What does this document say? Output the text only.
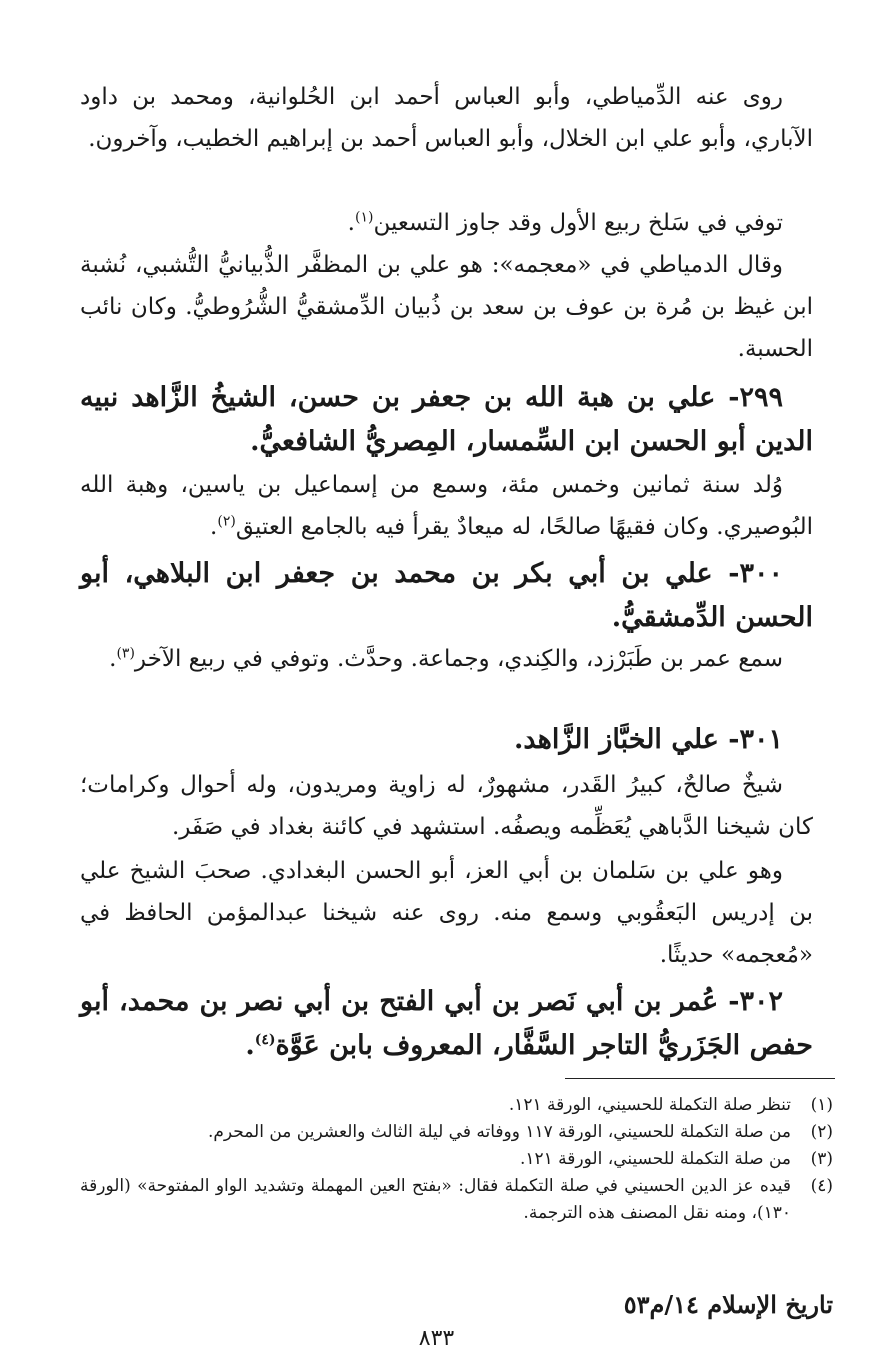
روى عنه الدِّمياطي، وأبو العباس أحمد ابن الحُلوانية، ومحمد بن داود الآباري، وأبو علي ابن الخلال، وأبو العباس أحمد بن إبراهيم الخطيب، وآخرون.

توفي في سَلخ ربيع الأول وقد جاوز التسعين$^{(١)}$.

وقال الدمياطي في «معجمه»: هو علي بن المظفَّر الذُّبيانيُّ التُّشبي، نُشبة ابن غيظ بن مُرة بن عوف بن سعد بن ذُبيان الدِّمشقيُّ الشُّرُوطيُّ. وكان نائب الحسبة.

٢٩٩- علي بن هبة الله بن جعفر بن حسن، الشيخُ الزَّاهد نبيه الدين أبو الحسن ابن السِّمسار، المِصريُّ الشافعيُّ.

وُلد سنة ثمانين وخمس مئة، وسمع من إسماعيل بن ياسين، وهبة الله البُوصيري. وكان فقيهًا صالحًا، له ميعادٌ يقرأ فيه بالجامع العتيق$^{(٢)}$.

٣٠٠- علي بن أبي بكر بن محمد بن جعفر ابن البلاهي، أبو الحسن الدِّمشقيُّ.

سمع عمر بن طَبَرْزد، والكِندي، وجماعة. وحدَّث. وتوفي في ربيع الآخر$^{(٣)}$.

٣٠١- علي الخبَّاز الزَّاهد.

شيخٌ صالحٌ، كبيرُ القَدر، مشهورٌ، له زاوية ومريدون، وله أحوال وكرامات؛ كان شيخنا الدَّباهي يُعَظِّمه ويصفُه. استشهد في كائنة بغداد في صَفَر.

وهو علي بن سَلمان بن أبي العز، أبو الحسن البغدادي. صحبَ الشيخ علي بن إدريس البَعقُوبي وسمع منه. روى عنه شيخنا عبدالمؤمن الحافظ في «مُعجمه» حديثًا.

٣٠٢- عُمر بن أبي نَصر بن أبي الفتح بن أبي نصر بن محمد، أبو حفص الجَزَريُّ التاجر السَّفَّار، المعروف بابن عَوَّة$^{(٤)}$.
(١)
تنظر صلة التكملة للحسيني، الورقة ١٢١.
(٢)
من صلة التكملة للحسيني، الورقة ١١٧ ووفاته في ليلة الثالث والعشرين من المحرم.
(٣)
من صلة التكملة للحسيني، الورقة ١٢١.
(٤)
قيده عز الدين الحسيني في صلة التكملة فقال: «بفتح العين المهملة وتشديد الواو المفتوحة» (الورقة ١٣٠)، ومنه نقل المصنف هذه الترجمة.
تاريخ الإسلام ١٤/م٥٣
٨٣٣
